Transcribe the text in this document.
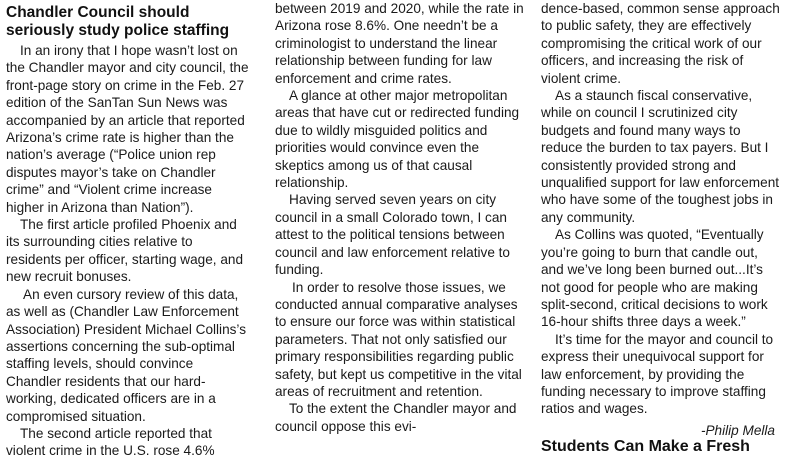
Chandler Council should seriously study police staffing

In an irony that I hope wasn’t lost on the Chandler mayor and city council, the front-page story on crime in the Feb. 27 edition of the SanTan Sun News was accompanied by an article that reported Arizona’s crime rate is higher than the nation’s average (“Police union rep disputes mayor’s take on Chandler crime” and “Violent crime increase higher in Arizona than Nation”).

The first article profiled Phoenix and its surrounding cities relative to residents per officer, starting wage, and new recruit bonuses.

An even cursory review of this data, as well as (Chandler Law Enforcement Association) President Michael Collins’s assertions concerning the sub-optimal staffing levels, should convince Chandler residents that our hard-working, dedicated officers are in a compromised situation.

The second article reported that violent crime in the U.S. rose 4.6%

between 2019 and 2020, while the rate in Arizona rose 8.6%. One needn’t be a criminologist to understand the linear relationship between funding for law enforcement and crime rates.

A glance at other major metropolitan areas that have cut or redirected funding due to wildly misguided politics and priorities would convince even the skeptics among us of that causal relationship.

Having served seven years on city council in a small Colorado town, I can attest to the political tensions between council and law enforcement relative to funding.

In order to resolve those issues, we conducted annual comparative analyses to ensure our force was within statistical parameters. That not only satisfied our primary responsibilities regarding public safety, but kept us competitive in the vital areas of recruitment and retention.

To the extent the Chandler mayor and council oppose this evi-

dence-based, common sense approach to public safety, they are effectively compromising the critical work of our officers, and increasing the risk of violent crime.

As a staunch fiscal conservative, while on council I scrutinized city budgets and found many ways to reduce the burden to tax payers. But I consistently provided strong and unqualified support for law enforcement who have some of the toughest jobs in any community.

As Collins was quoted, “Eventually you’re going to burn that candle out, and we’ve long been burned out...It’s not good for people who are making split-second, critical decisions to work 16-hour shifts three days a week.”

It’s time for the mayor and council to express their unequivocal support for law enforcement, by providing the funding necessary to improve staffing ratios and wages.

-Philip Mella

Students Can Make a Fresh
